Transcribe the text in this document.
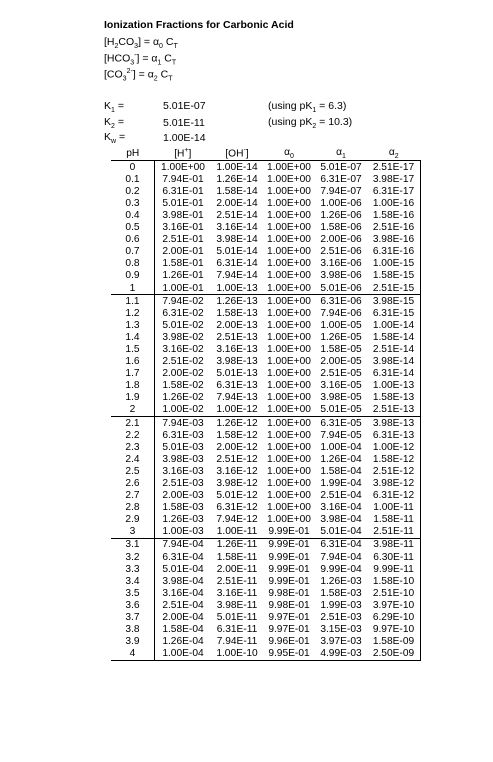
Ionization Fractions for Carbonic Acid
$[H_2CO_3] = \alpha_0$ $C_T$
$[HCO_3^-] = \alpha_1$ $C_T$
$[CO_3^{2-}] = \alpha_2$ $C_T$
$K_1$ =	5.01E-07	(using $pK_1 = 6.3$)
$K_2$ =	5.01E-11	(using $pK_2 = 10.3$)
$K_w$ =	1.00E-14
pH	[H+]	[OH-]	$\alpha_0$	$\alpha_1$	$\alpha_2$
0	1.00E+00	1.00E-14	1.00E+00	5.01E-07	2.51E-17
0.1	7.94E-01	1.26E-14	1.00E+00	6.31E-07	3.98E-17
0.2	6.31E-01	1.58E-14	1.00E+00	7.94E-07	6.31E-17
0.3	5.01E-01	2.00E-14	1.00E+00	1.00E-06	1.00E-16
0.4	3.98E-01	2.51E-14	1.00E+00	1.26E-06	1.58E-16
0.5	3.16E-01	3.16E-14	1.00E+00	1.58E-06	2.51E-16
0.6	2.51E-01	3.98E-14	1.00E+00	2.00E-06	3.98E-16
0.7	2.00E-01	5.01E-14	1.00E+00	2.51E-06	6.31E-16
0.8	1.58E-01	6.31E-14	1.00E+00	3.16E-06	1.00E-15
0.9	1.26E-01	7.94E-14	1.00E+00	3.98E-06	1.58E-15
1	1.00E-01	1.00E-13	1.00E+00	5.01E-06	2.51E-15
1.1	7.94E-02	1.26E-13	1.00E+00	6.31E-06	3.98E-15
1.2	6.31E-02	1.58E-13	1.00E+00	7.94E-06	6.31E-15
1.3	5.01E-02	2.00E-13	1.00E+00	1.00E-05	1.00E-14
1.4	3.98E-02	2.51E-13	1.00E+00	1.26E-05	1.58E-14
1.5	3.16E-02	3.16E-13	1.00E+00	1.58E-05	2.51E-14
1.6	2.51E-02	3.98E-13	1.00E+00	2.00E-05	3.98E-14
1.7	2.00E-02	5.01E-13	1.00E+00	2.51E-05	6.31E-14
1.8	1.58E-02	6.31E-13	1.00E+00	3.16E-05	1.00E-13
1.9	1.26E-02	7.94E-13	1.00E+00	3.98E-05	1.58E-13
2	1.00E-02	1.00E-12	1.00E+00	5.01E-05	2.51E-13
2.1	7.94E-03	1.26E-12	1.00E+00	6.31E-05	3.98E-13
2.2	6.31E-03	1.58E-12	1.00E+00	7.94E-05	6.31E-13
2.3	5.01E-03	2.00E-12	1.00E+00	1.00E-04	1.00E-12
2.4	3.98E-03	2.51E-12	1.00E+00	1.26E-04	1.58E-12
2.5	3.16E-03	3.16E-12	1.00E+00	1.58E-04	2.51E-12
2.6	2.51E-03	3.98E-12	1.00E+00	1.99E-04	3.98E-12
2.7	2.00E-03	5.01E-12	1.00E+00	2.51E-04	6.31E-12
2.8	1.58E-03	6.31E-12	1.00E+00	3.16E-04	1.00E-11
2.9	1.26E-03	7.94E-12	1.00E+00	3.98E-04	1.58E-11
3	1.00E-03	1.00E-11	9.99E-01	5.01E-04	2.51E-11
3.1	7.94E-04	1.26E-11	9.99E-01	6.31E-04	3.98E-11
3.2	6.31E-04	1.58E-11	9.99E-01	7.94E-04	6.30E-11
3.3	5.01E-04	2.00E-11	9.99E-01	9.99E-04	9.99E-11
3.4	3.98E-04	2.51E-11	9.99E-01	1.26E-03	1.58E-10
3.5	3.16E-04	3.16E-11	9.98E-01	1.58E-03	2.51E-10
3.6	2.51E-04	3.98E-11	9.98E-01	1.99E-03	3.97E-10
3.7	2.00E-04	5.01E-11	9.97E-01	2.51E-03	6.29E-10
3.8	1.58E-04	6.31E-11	9.97E-01	3.15E-03	9.97E-10
3.9	1.26E-04	7.94E-11	9.96E-01	3.97E-03	1.58E-09
4	1.00E-04	1.00E-10	9.95E-01	4.99E-03	2.50E-09
